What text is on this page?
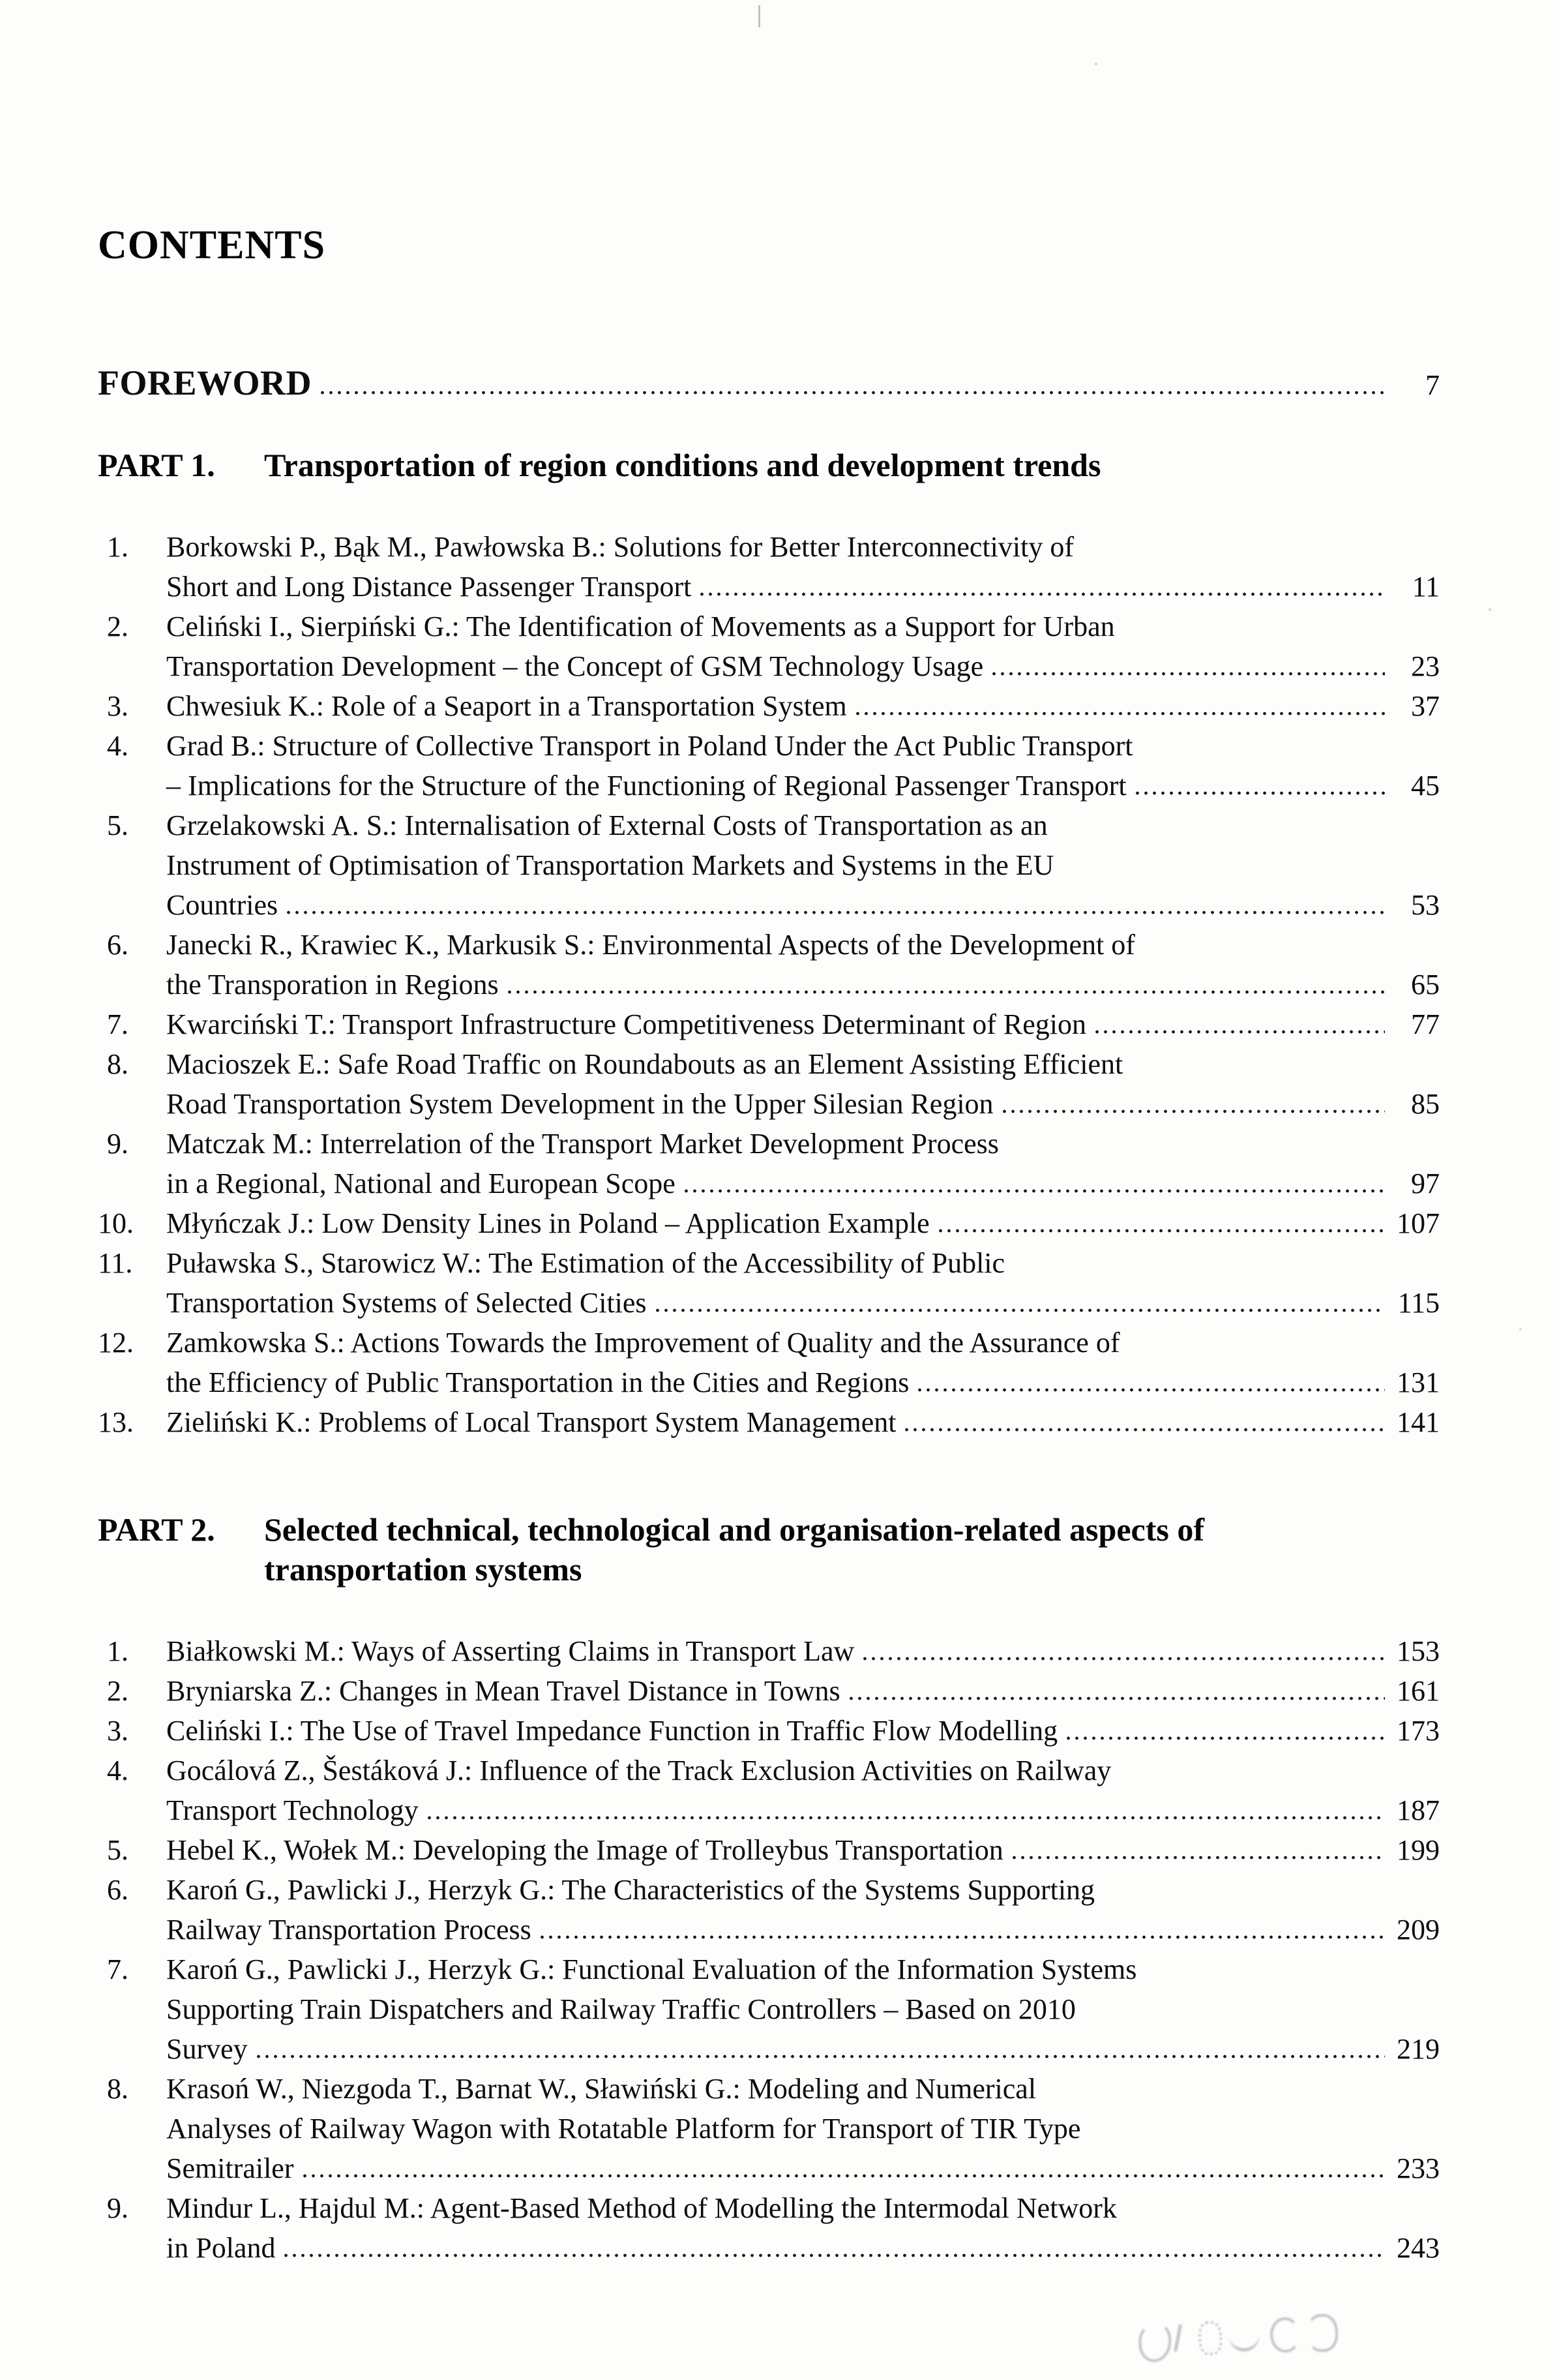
CONTENTS
FOREWORD	7
PART 1.	Transportation of region conditions and development trends
1.	Borkowski P., Bąk M., Pawłowska B.: Solutions for Better Interconnectivity of
Short and Long Distance Passenger Transport	11
2.	Celiński I., Sierpiński G.: The Identification of Movements as a Support for Urban
Transportation Development – the Concept of GSM Technology Usage	23
3.	Chwesiuk K.: Role of a Seaport in a Transportation System	37
4.	Grad B.: Structure of Collective Transport in Poland Under the Act Public Transport
– Implications for the Structure of the Functioning of Regional Passenger Transport	45
5.	Grzelakowski A. S.: Internalisation of External Costs of Transportation as an
Instrument of Optimisation of Transportation Markets and Systems in the EU
Countries	53
6.	Janecki R., Krawiec K., Markusik S.: Environmental Aspects of the Development of
the Transporation in Regions	65
7.	Kwarciński T.: Transport Infrastructure Competitiveness Determinant of Region	77
8.	Macioszek E.: Safe Road Traffic on Roundabouts as an Element Assisting Efficient
Road Transportation System Development in the Upper Silesian Region	85
9.	Matczak M.: Interrelation of the Transport Market Development Process
in a Regional, National and European Scope	97
10.	Młyńczak J.: Low Density Lines in Poland – Application Example	107
11.	Puławska S., Starowicz W.: The Estimation of the Accessibility of Public
Transportation Systems of Selected Cities	115
12.	Zamkowska S.: Actions Towards the Improvement of Quality and the Assurance of
the Efficiency of Public Transportation in the Cities and Regions	131
13.	Zieliński K.: Problems of Local Transport System Management	141
PART 2.	Selected technical, technological and organisation-related aspects of
transportation systems
1.	Białkowski M.: Ways of Asserting Claims in Transport Law	153
2.	Bryniarska Z.: Changes in Mean Travel Distance in Towns	161
3.	Celiński I.: The Use of Travel Impedance Function in Traffic Flow Modelling	173
4.	Gocálová Z., Šestáková J.: Influence of the Track Exclusion Activities on Railway
Transport Technology	187
5.	Hebel K., Wołek M.: Developing the Image of Trolleybus Transportation	199
6.	Karoń G., Pawlicki J., Herzyk G.: The Characteristics of the Systems Supporting
Railway Transportation Process	209
7.	Karoń G., Pawlicki J., Herzyk G.: Functional Evaluation of the Information Systems
Supporting Train Dispatchers and Railway Traffic Controllers – Based on 2010
Survey	219
8.	Krasoń W., Niezgoda T., Barnat W., Sławiński G.: Modeling and Numerical
Analyses of Railway Wagon with Rotatable Platform for Transport of TIR Type
Semitrailer	233
9.	Mindur L., Hajdul M.: Agent-Based Method of Modelling the Intermodal Network
in Poland	243
